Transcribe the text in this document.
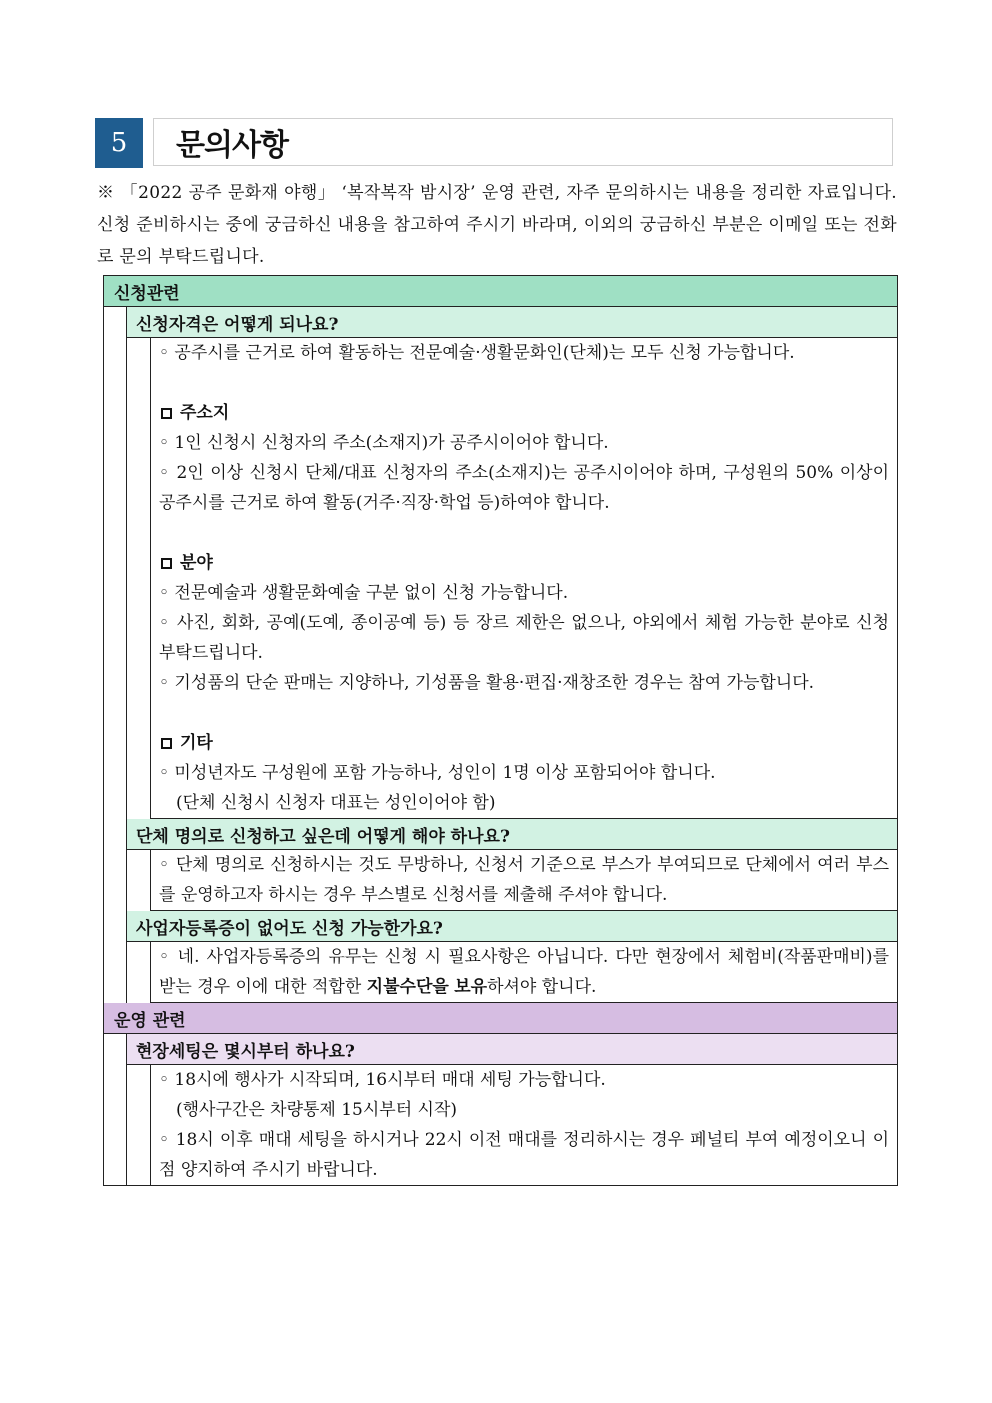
5	문의사항
※ 「2022 공주 문화재 야행」 ‘복작복작 밤시장’ 운영 관련, 자주 문의하시는 내용을 정리한 자료입니다. 신청 준비하시는 중에 궁금하신 내용을 참고하여 주시기 바라며, 이외의 궁금하신 부분은 이메일 또는 전화로 문의 부탁드립니다.
신청관련
신청자격은 어떻게 되나요?

◦ 공주시를 근거로 하여 활동하는 전문예술·생활문화인(단체)는 모두 신청 가능합니다.

주소지

◦ 1인 신청시 신청자의 주소(소재지)가 공주시이어야 합니다.

◦ 2인 이상 신청시 단체/대표 신청자의 주소(소재지)는 공주시이어야 하며, 구성원의 50% 이상이 공주시를 근거로 하여 활동(거주·직장·학업 등)하여야 합니다.

분야

◦ 전문예술과 생활문화예술 구분 없이 신청 가능합니다.

◦ 사진, 회화, 공예(도예, 종이공예 등) 등 장르 제한은 없으나, 야외에서 체험 가능한 분야로 신청 부탁드립니다.

◦ 기성품의 단순 판매는 지양하나, 기성품을 활용·편집·재창조한 경우는 참여 가능합니다.

기타

◦ 미성년자도 구성원에 포함 가능하나, 성인이 1명 이상 포함되어야 합니다.

(단체 신청시 신청자 대표는 성인이어야 함)

단체 명의로 신청하고 싶은데 어떻게 해야 하나요?

◦ 단체 명의로 신청하시는 것도 무방하나, 신청서 기준으로 부스가 부여되므로 단체에서 여러 부스를 운영하고자 하시는 경우 부스별로 신청서를 제출해 주셔야 합니다.

사업자등록증이 없어도 신청 가능한가요?

◦ 네. 사업자등록증의 유무는 신청 시 필요사항은 아닙니다. 다만 현장에서 체험비(작품판매비)를 받는 경우 이에 대한 적합한 지불수단을 보유하셔야 합니다.

운영 관련
현장세팅은 몇시부터 하나요?

◦ 18시에 행사가 시작되며, 16시부터 매대 세팅 가능합니다.

(행사구간은 차량통제 15시부터 시작)

◦ 18시 이후 매대 세팅을 하시거나 22시 이전 매대를 정리하시는 경우 페널티 부여 예정이오니 이 점 양지하여 주시기 바랍니다.
